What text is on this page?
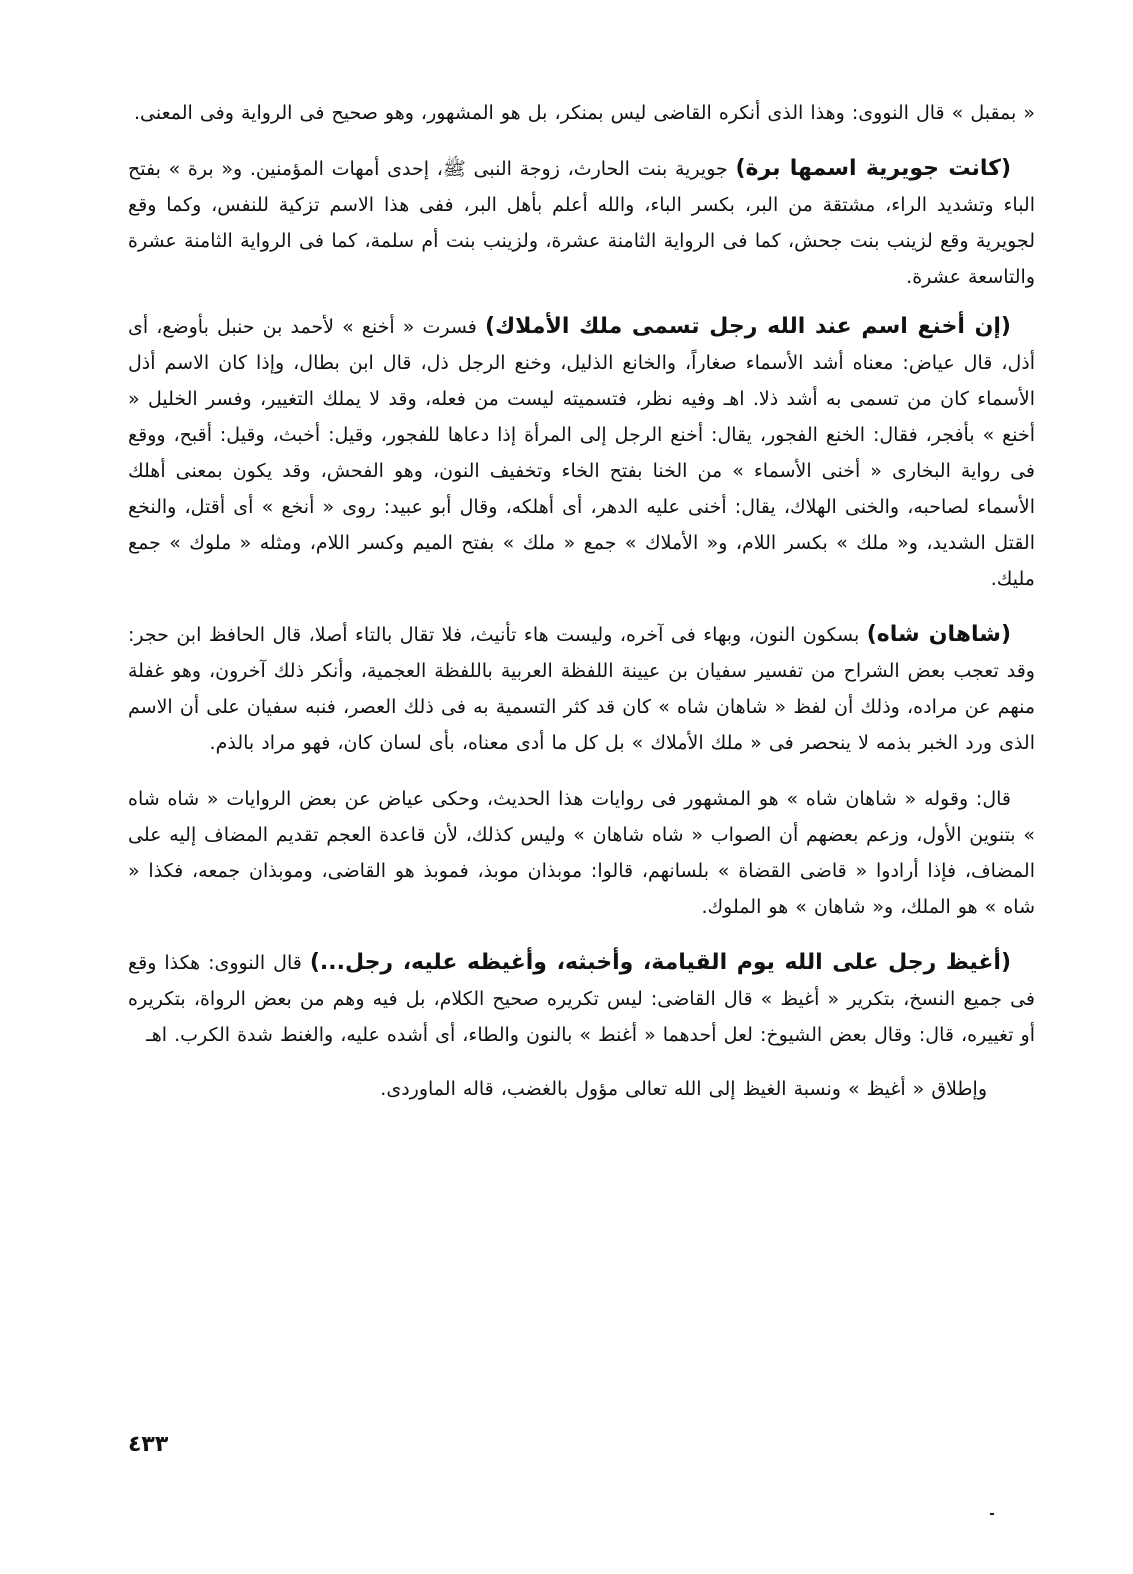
« بمقبل » قال النووى: وهذا الذى أنكره القاضى ليس بمنكر، بل هو المشهور، وهو صحيح فى الرواية وفى المعنى.

(كانت جويرية اسمها برة) جويرية بنت الحارث، زوجة النبى ﷺ، إحدى أمهات المؤمنين. و« برة » بفتح الباء وتشديد الراء، مشتقة من البر، بكسر الباء، والله أعلم بأهل البر، ففى هذا الاسم تزكية للنفس، وكما وقع لجويرية وقع لزينب بنت جحش، كما فى الرواية الثامنة عشرة، ولزينب بنت أم سلمة، كما فى الرواية الثامنة عشرة والتاسعة عشرة.

(إن أخنع اسم عند الله رجل تسمى ملك الأملاك) فسرت « أخنع » لأحمد بن حنبل بأوضع، أى أذل، قال عياض: معناه أشد الأسماء صغاراً، والخانع الذليل، وخنع الرجل ذل، قال ابن بطال، وإذا كان الاسم أذل الأسماء كان من تسمى به أشد ذلا. اهـ وفيه نظر، فتسميته ليست من فعله، وقد لا يملك التغيير، وفسر الخليل « أخنع » بأفجر، فقال: الخنع الفجور، يقال: أخنع الرجل إلى المرأة إذا دعاها للفجور، وقيل: أخبث، وقيل: أقبح، ووقع فى رواية البخارى « أخنى الأسماء » من الخنا بفتح الخاء وتخفيف النون، وهو الفحش، وقد يكون بمعنى أهلك الأسماء لصاحبه، والخنى الهلاك، يقال: أخنى عليه الدهر، أى أهلكه، وقال أبو عبيد: روى « أنخع » أى أقتل، والنخع القتل الشديد، و« ملك » بكسر اللام، و« الأملاك » جمع « ملك » بفتح الميم وكسر اللام، ومثله « ملوك » جمع مليك.

(شاهان شاه) بسكون النون، وبهاء فى آخره، وليست هاء تأنيث، فلا تقال بالتاء أصلا، قال الحافظ ابن حجر: وقد تعجب بعض الشراح من تفسير سفيان بن عيينة اللفظة العربية باللفظة العجمية، وأنكر ذلك آخرون، وهو غفلة منهم عن مراده، وذلك أن لفظ « شاهان شاه » كان قد كثر التسمية به فى ذلك العصر، فنبه سفيان على أن الاسم الذى ورد الخبر بذمه لا ينحصر فى « ملك الأملاك » بل كل ما أدى معناه، بأى لسان كان، فهو مراد بالذم.

قال: وقوله « شاهان شاه » هو المشهور فى روايات هذا الحديث، وحكى عياض عن بعض الروايات « شاه شاه » بتنوين الأول، وزعم بعضهم أن الصواب « شاه شاهان » وليس كذلك، لأن قاعدة العجم تقديم المضاف إليه على المضاف، فإذا أرادوا « قاضى القضاة » بلسانهم، قالوا: موبذان موبذ، فموبذ هو القاضى، وموبذان جمعه، فكذا « شاه » هو الملك، و« شاهان » هو الملوك.

(أغيظ رجل على الله يوم القيامة، وأخبثه، وأغيظه عليه، رجل...) قال النووى: هكذا وقع فى جميع النسخ، بتكرير « أغيظ » قال القاضى: ليس تكريره صحيح الكلام، بل فيه وهم من بعض الرواة، بتكريره أو تغييره، قال: وقال بعض الشيوخ: لعل أحدهما « أغنط » بالنون والطاء، أى أشده عليه، والغنط شدة الكرب. اهـ

وإطلاق « أغيظ » ونسبة الغيظ إلى الله تعالى مؤول بالغضب، قاله الماوردى.

٤٣٣
